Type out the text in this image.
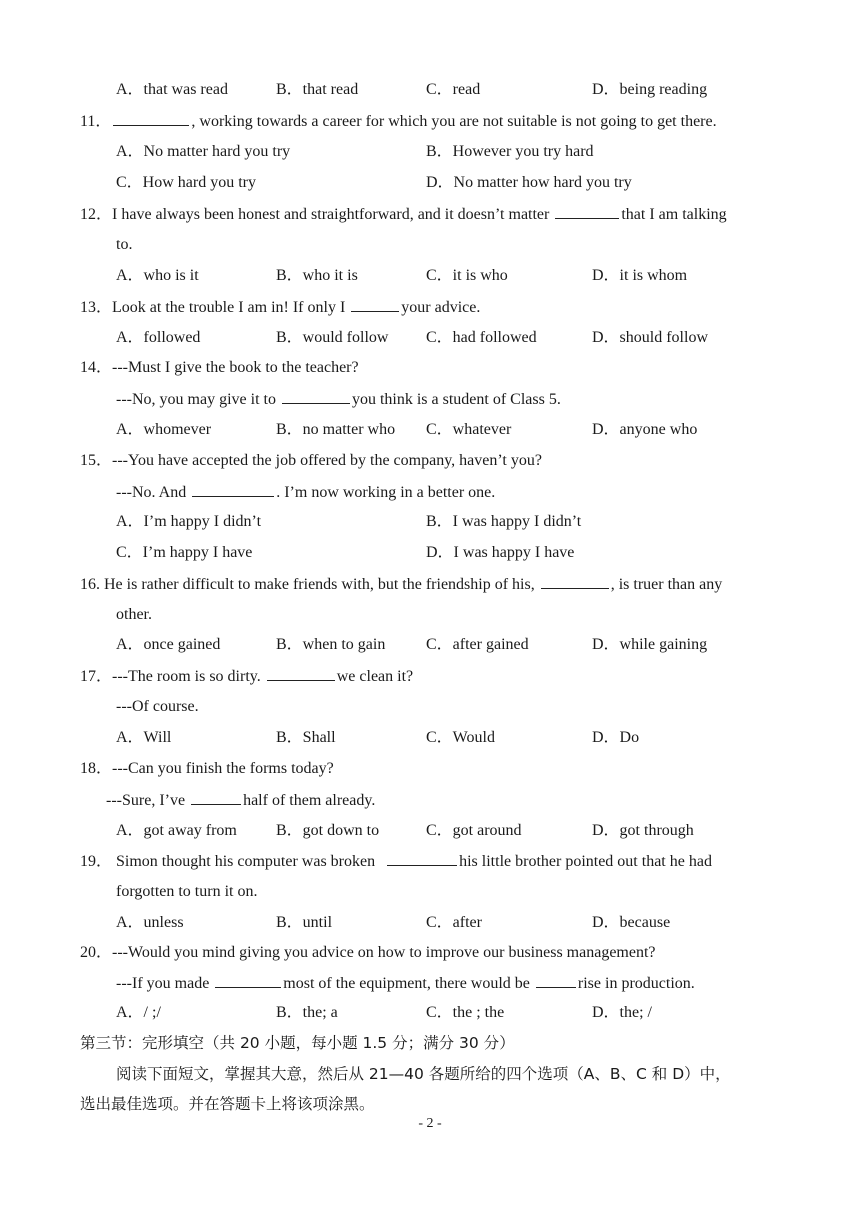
A．that was read	B．that read	C．read	D．being reading
11．	, working towards a career for which you are not suitable is not going to get there.
A．No matter hard you try	B．However you try hard
C．How hard you try	D．No matter how hard you try
12．I have always been honest and straightforward, and it doesn’t matter	that I am talking
to.
A．who is it	B．who it is	C．it is who	D．it is whom
13．Look at the trouble I am in! If only I	your advice.
A．followed	B．would follow C．had followed	D．should follow
14．---Must I give the book to the teacher?
---No, you may give it to	you think is a student of Class 5.
A．whomever	B．no matter who C．whatever	D．anyone who
15．---You have accepted the job offered by the company, haven’t you?
---No. And	. I’m now working in a better one.
A．I’m happy I didn’t	B．I was happy I didn’t
C．I’m happy I have	D．I was happy I have
16. He is rather difficult to make friends with, but the friendship of his,	, is truer than any
other.
A．once gained	B．when to gain	C．after gained	D．while gaining
17．---The room is so dirty.	we clean it?
---Of course.
A．Will	B．Shall	C．Would	D．Do
18．---Can you finish the forms today?
---Sure, I’ve	half of them already.
A．got away from B．got down to	C．got around	D．got through
19． Simon thought his computer was broken	his little brother pointed out that he had
forgotten to turn it on.
A．unless	B．until	C．after	D．because
20．---Would you mind giving you advice on how to improve our business management?
---If you made	most of the equipment, there would be	rise in production.
A．/ ;/	B．the; a	C．the ; the	D．the; /
第三节：完形填空（共 20 小题，每小题 1.5 分；满分 30 分）
阅读下面短文，掌握其大意，然后从 21—40 各题所给的四个选项（A、B、C 和 D）中，
选出最佳选项。并在答题卡上将该项涂黑。
- 2 -
